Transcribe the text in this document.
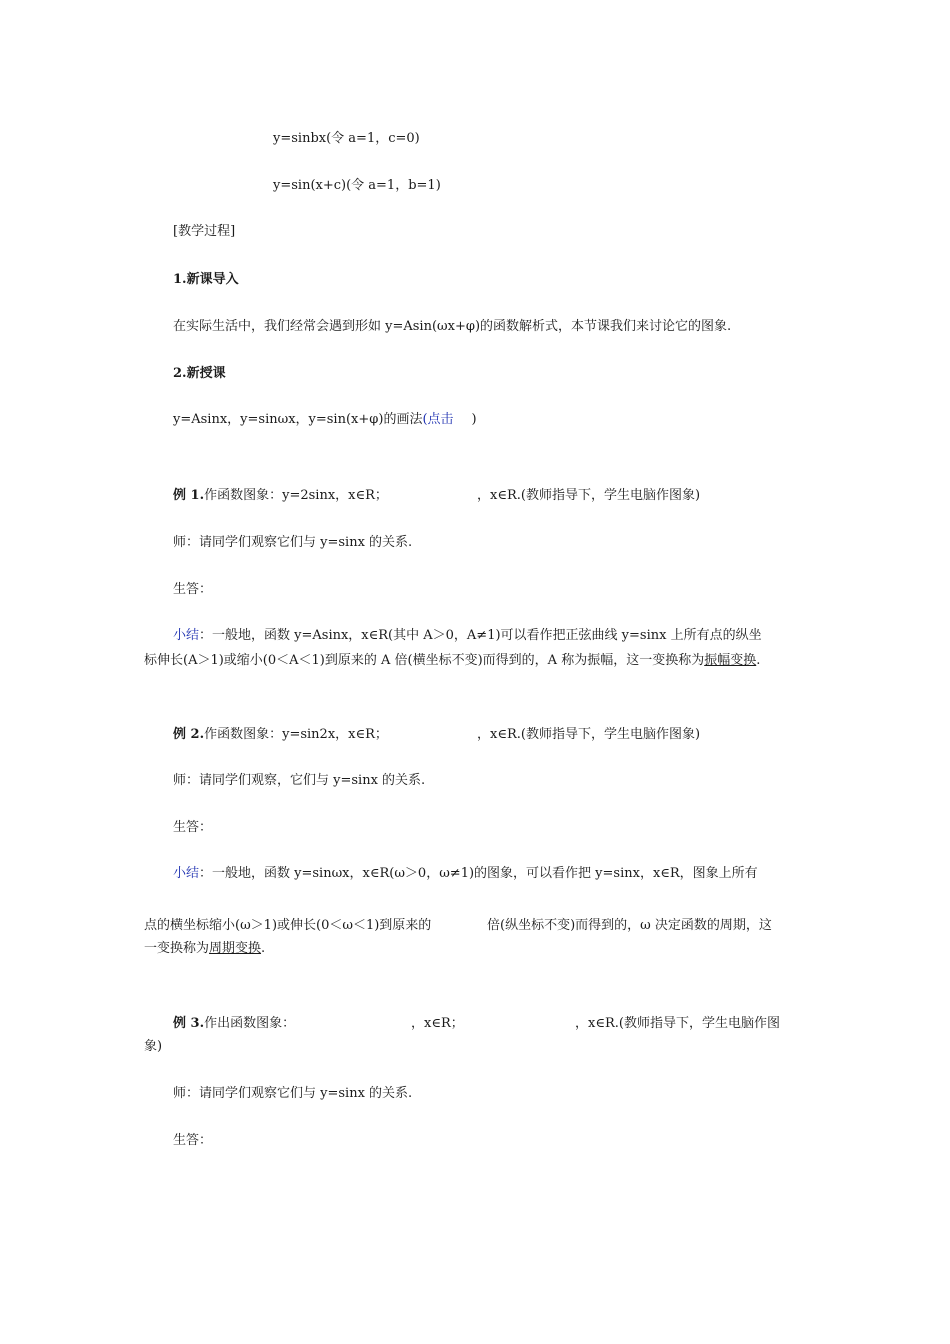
y=sinbx(令 a=1，c=0)
y=sin(x+c)(令 a=1，b=1)
[教学过程]
1.新课导入
在实际生活中，我们经常会遇到形如 y=Asin(ωx+φ)的函数解析式，本节课我们来讨论它的图象.
2.新授课
y=Asinx，y=sinωx，y=sin(x+φ)的画法(点击 )
例 1.作函数图象：y=2sinx，x∈R；	，x∈R.(教师指导下，学生电脑作图象)
师：请同学们观察它们与 y=sinx 的关系.
生答：
小结：一般地，函数 y=Asinx，x∈R(其中 A＞0，A≠1)可以看作把正弦曲线 y=sinx 上所有点的纵坐
标伸长(A＞1)或缩小(0＜A＜1)到原来的 A 倍(横坐标不变)而得到的，A 称为振幅，这一变换称为振幅变换.
例 2.作函数图象：y=sin2x，x∈R；	，x∈R.(教师指导下，学生电脑作图象)
师：请同学们观察，它们与 y=sinx 的关系.
生答：
小结：一般地，函数 y=sinωx，x∈R(ω＞0，ω≠1)的图象，可以看作把 y=sinx，x∈R，图象上所有
点的横坐标缩小(ω＞1)或伸长(0＜ω＜1)到原来的	倍(纵坐标不变)而得到的，ω 决定函数的周期，这
一变换称为周期变换.
例 3.作出函数图象：	，x∈R；	，x∈R.(教师指导下，学生电脑作图
象)
师：请同学们观察它们与 y=sinx 的关系.
生答：
